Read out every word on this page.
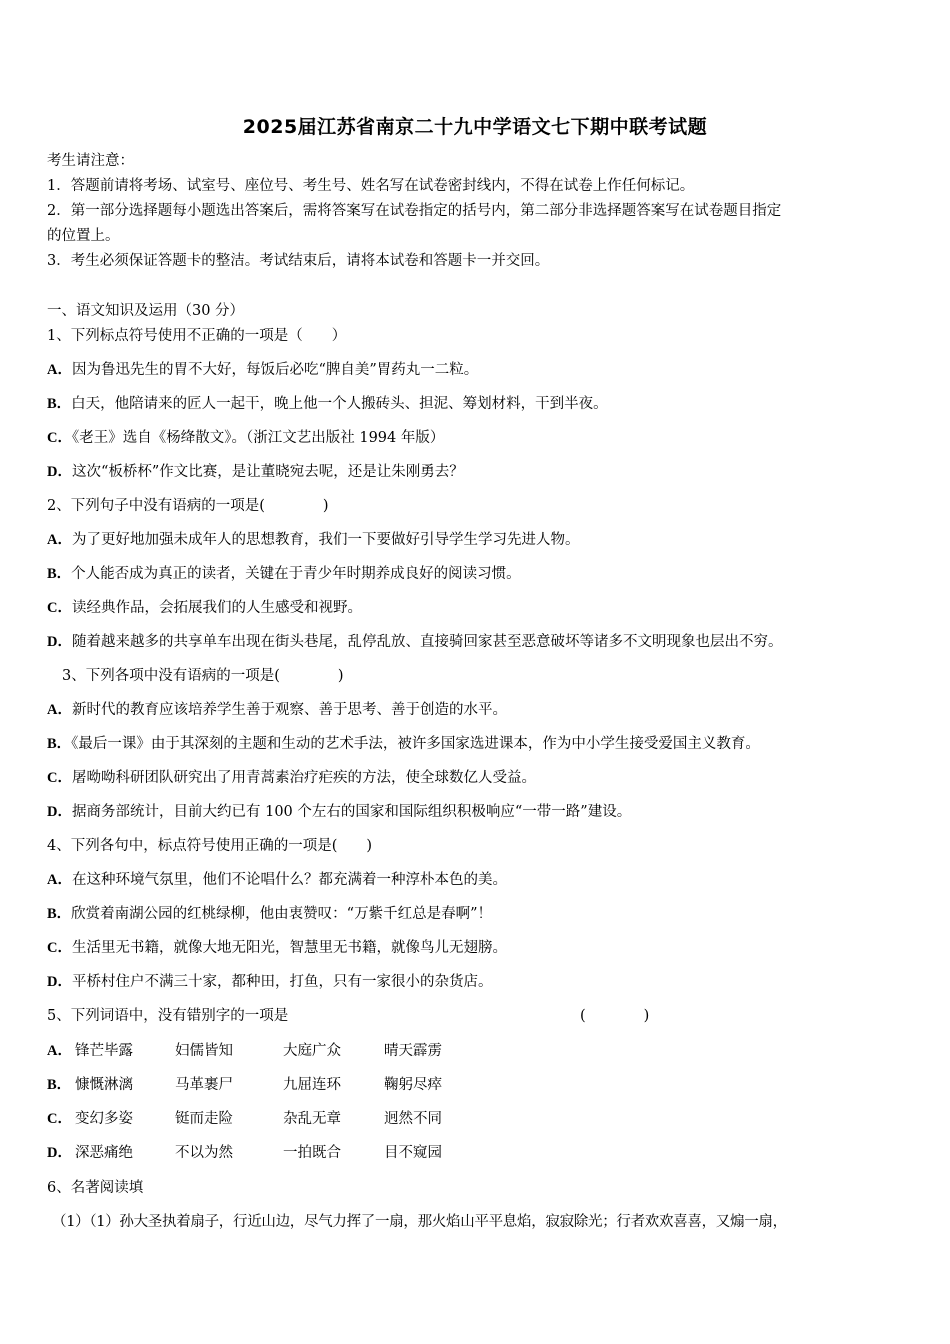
2025届江苏省南京二十九中学语文七下期中联考试题
考生请注意：
1．答题前请将考场、试室号、座位号、考生号、姓名写在试卷密封线内，不得在试卷上作任何标记。
2．第一部分选择题每小题选出答案后，需将答案写在试卷指定的括号内，第二部分非选择题答案写在试卷题目指定
的位置上。
3．考生必须保证答题卡的整洁。考试结束后，请将本试卷和答题卡一并交回。
一、语文知识及运用（30 分）
1、下列标点符号使用不正确的一项是（　　）
A．因为鲁迅先生的胃不大好，每饭后必吃“脾自美”胃药丸一二粒。
B．白天，他陪请来的匠人一起干，晚上他一个人搬砖头、担泥、筹划材料，干到半夜。
C．《老王》选自《杨绛散文》。（浙江文艺出版社 1994 年版）
D．这次“板桥杯”作文比赛，是让董晓宛去呢，还是让朱刚勇去？
2、下列句子中没有语病的一项是(　　　　)
A．为了更好地加强未成年人的思想教育，我们一下要做好引导学生学习先进人物。
B．个人能否成为真正的读者，关键在于青少年时期养成良好的阅读习惯。
C．读经典作品，会拓展我们的人生感受和视野。
D．随着越来越多的共享单车出现在街头巷尾，乱停乱放、直接骑回家甚至恶意破坏等诸多不文明现象也层出不穷。
3、下列各项中没有语病的一项是(　　　　)
A．新时代的教育应该培养学生善于观察、善于思考、善于创造的水平。
B．《最后一课》由于其深刻的主题和生动的艺术手法，被许多国家选进课本，作为中小学生接受爱国主义教育。
C．屠呦呦科研团队研究出了用青蒿素治疗疟疾的方法，使全球数亿人受益。
D．据商务部统计，目前大约已有 100 个左右的国家和国际组织积极响应“一带一路”建设。
4、下列各句中，标点符号使用正确的一项是(　　)
A．在这种环境气氛里，他们不论唱什么？都充满着一种淳朴本色的美。
B．欣赏着南湖公园的红桃绿柳，他由衷赞叹：“万紫千红总是春啊”！
C．生活里无书籍，就像大地无阳光，智慧里无书籍，就像鸟儿无翅膀。
D．平桥村住户不满三十家，都种田，打鱼，只有一家很小的杂货店。
5、下列词语中，没有错别字的一项是	(　　　　)
A． 锋芒毕露	妇儒皆知	大庭广众	晴天霹雳
B． 慷慨淋漓	马革裹尸	九屈连环	鞠躬尽瘁
C． 变幻多姿	铤而走险	杂乱无章	迥然不同
D． 深恶痛绝	不以为然	一拍既合	目不窥园
6、名著阅读填
（1）（1）孙大圣执着扇子，行近山边，尽气力挥了一扇，那火焰山平平息焰，寂寂除光；行者欢欢喜喜，又煽一扇，
